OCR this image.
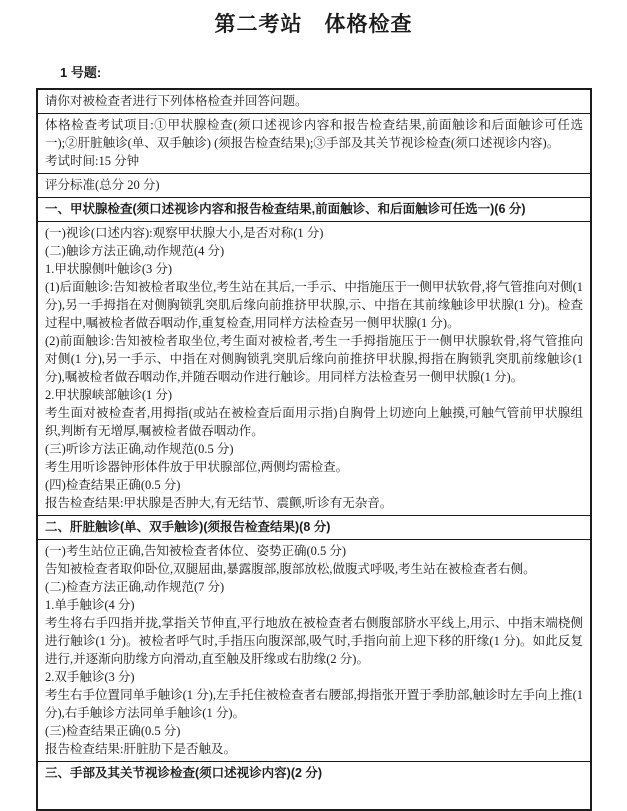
第二考站　体格检查
1 号题:

请你对被检查者进行下列体格检查并回答问题。

体格检查考试项目:①甲状腺检查(须口述视诊内容和报告检查结果,前面触诊和后面触诊可任选一);②肝脏触诊(单、双手触诊) (须报告检查结果);③手部及其关节视诊检查(须口述视诊内容)。

考试时间:15 分钟

评分标准(总分 20 分)

一、甲状腺检查(须口述视诊内容和报告检查结果,前面触诊、和后面触诊可任选一)(6 分)

(一)视诊(口述内容):观察甲状腺大小,是否对称(1 分)

(二)触诊方法正确,动作规范(4 分)

1.甲状腺侧叶触诊(3 分)

(1)后面触诊:告知被检者取坐位,考生站在其后,一手示、中指施压于一侧甲状软骨,将气管推向对侧(1 分),另一手拇指在对侧胸锁乳突肌后缘向前推挤甲状腺,示、中指在其前缘触诊甲状腺(1 分)。检查过程中,嘱被检者做吞咽动作,重复检查,用同样方法检查另一侧甲状腺(1 分)。

(2)前面触诊:告知被检者取坐位,考生面对被检者,考生一手拇指施压于一侧甲状腺软骨,将气管推向对侧(1 分),另一手示、中指在对侧胸锁乳突肌后缘向前推挤甲状腺,拇指在胸锁乳突肌前缘触诊(1 分),嘱被检者做吞咽动作,并随吞咽动作进行触诊。用同样方法检查另一侧甲状腺(1 分)。

2.甲状腺峡部触诊(1 分)

考生面对被检查者,用拇指(或站在被检查后面用示指)自胸骨上切迹向上触摸,可触气管前甲状腺组织,判断有无增厚,嘱被检者做吞咽动作。

(三)听诊方法正确,动作规范(0.5 分)

考生用听诊器钟形体件放于甲状腺部位,两侧均需检查。

(四)检查结果正确(0.5 分)

报告检查结果:甲状腺是否肿大,有无结节、震颤,听诊有无杂音。

二、肝脏触诊(单、双手触诊)(须报告检查结果)(8 分)

(一)考生站位正确,告知被检查者体位、姿势正确(0.5 分)

告知被检查者取仰卧位,双腿屈曲,暴露腹部,腹部放松,做腹式呼吸,考生站在被检查者右侧。

(二)检查方法正确,动作规范(7 分)

1.单手触诊(4 分)

考生将右手四指并拢,掌指关节伸直,平行地放在被检查者右侧腹部脐水平线上,用示、中指末端桡侧进行触诊(1 分)。被检者呼气时,手指压向腹深部,吸气时,手指向前上迎下移的肝缘(1 分)。如此反复进行,并逐渐向肋缘方向滑动,直至触及肝缘或右肋缘(2 分)。

2.双手触诊(3 分)

考生右手位置同单手触诊(1 分),左手托住被检查者右腰部,拇指张开置于季肋部,触诊时左手向上推(1 分),右手触诊方法同单手触诊(1 分)。

(三)检查结果正确(0.5 分)

报告检查结果:肝脏肋下是否触及。

三、手部及其关节视诊检查(须口述视诊内容)(2 分)
